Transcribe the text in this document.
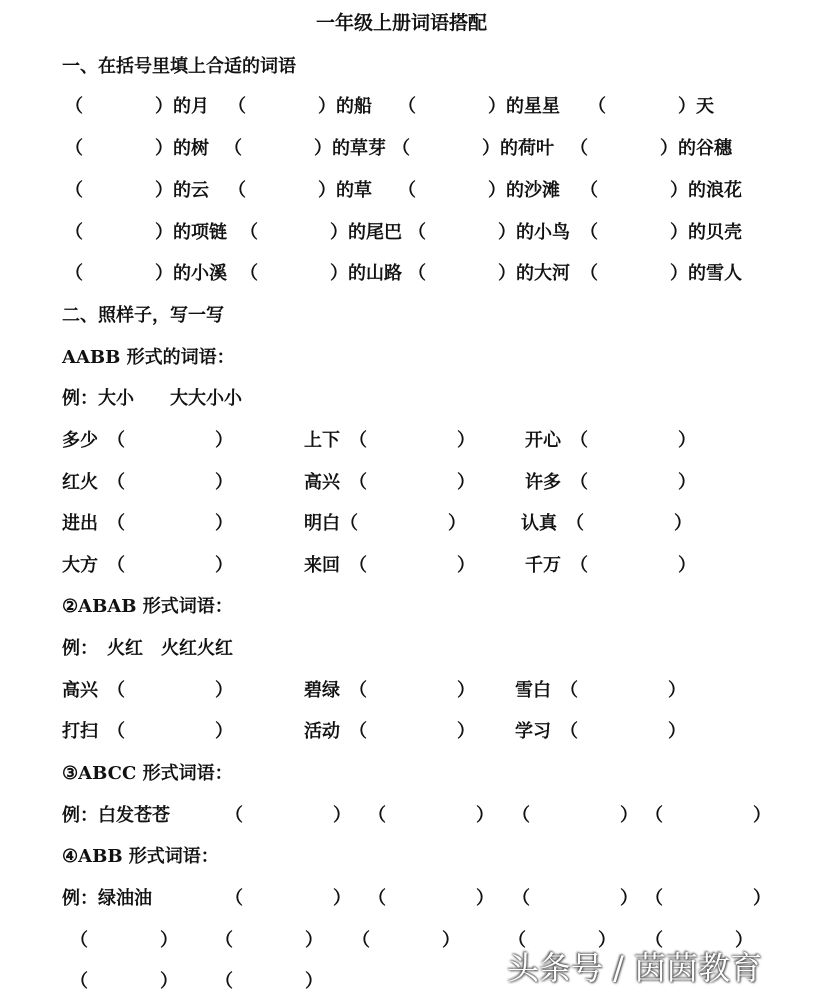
一年级上册词语搭配
一、在括号里填上合适的词语
（　　　　）的月 （　　　　）的船 （　　　　）的星星 （　　　　）天
（　　　　）的树 （　　　　）的草芽 （　　　　）的荷叶 （　　　　）的谷穗
（　　　　）的云 （　　　　）的草 （　　　　）的沙滩 （　　　　）的浪花
（　　　　）的项链 （　　　　）的尾巴 （　　　　）的小鸟 （　　　　）的贝壳
（　　　　）的小溪 （　　　　）的山路 （　　　　）的大河 （　　　　）的雪人
二、照样子，写一写
AABB 形式的词语：
例：大小　　大大小小
多少　（　　　　　）	上下　（　　　　　）	开心　（　　　　　）
红火　（　　　　　）	高兴　（　　　　　）	许多　（　　　　　）
进出　（　　　　　）	明白（　　　　　）	认真　（　　　　　）
大方　（　　　　　）	来回　（　　　　　）	千万　（　　　　　）
②ABAB 形式词语：
例：　火红　火红火红
高兴　（　　　　　）	碧绿　（　　　　　） 雪白　（　　　　　）
打扫　（　　　　　）	活动　（　　　　　） 学习　（　　　　　）
③ABCC 形式词语：
例：白发苍苍	（　　　　　） （　　　　　） （　　　　　） （　　　　　）
④ABB 形式词语：
例：绿油油	（　　　　　） （　　　　　） （　　　　　） （　　　　　）
（　　　　） （　　　　） （　　　　）	（　　　　） （　　　　）
（　　　　） （　　　　）	头条号 / 茵茵教育
